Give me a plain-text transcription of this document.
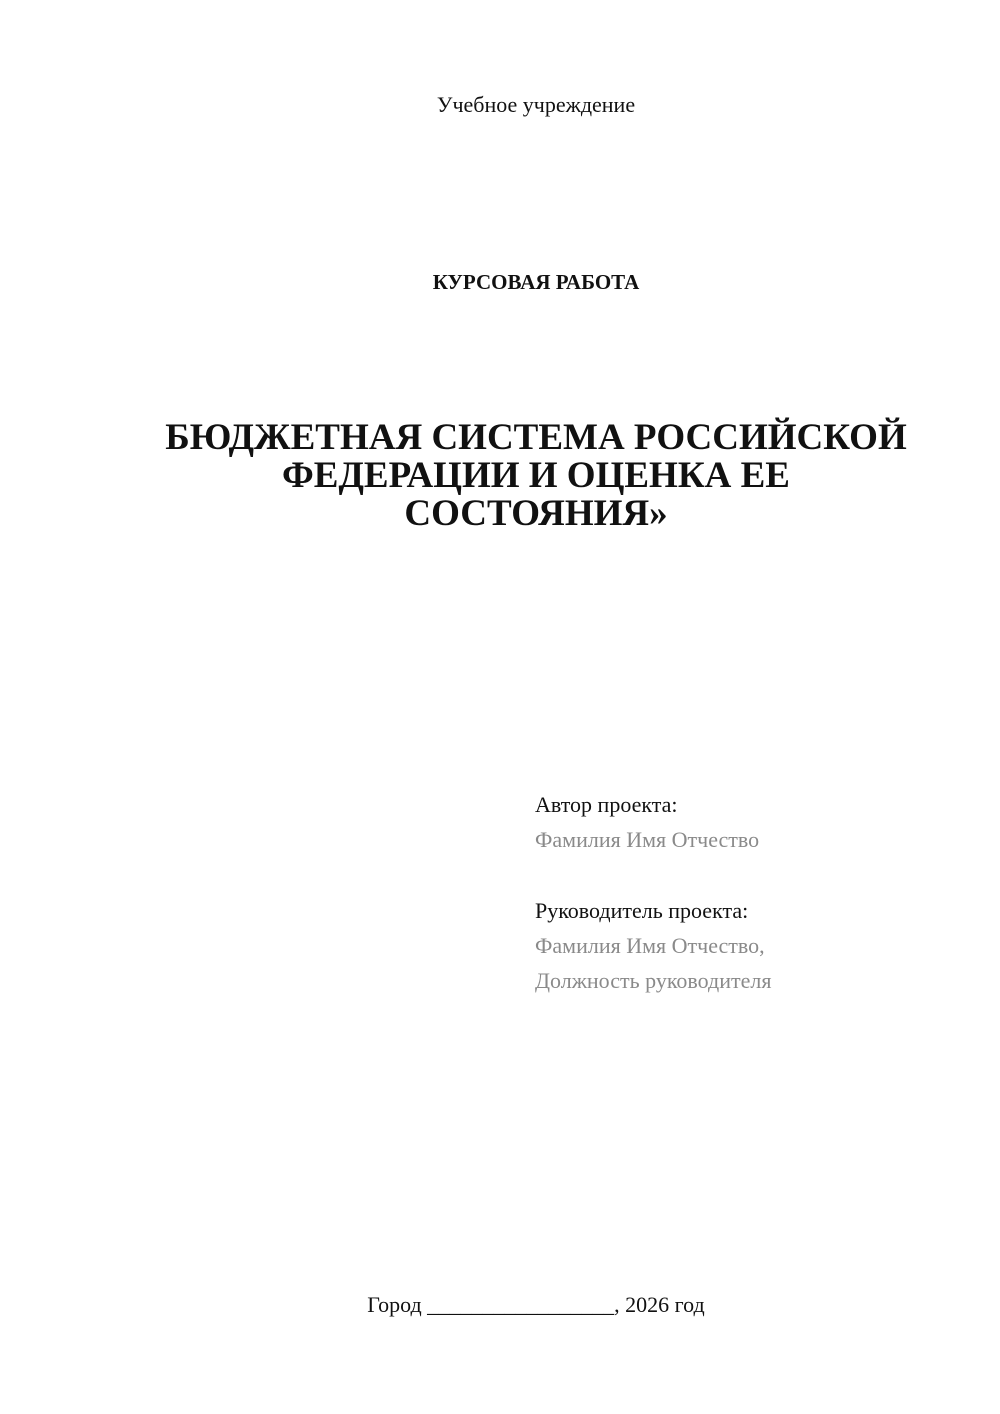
Учебное учреждение
КУРСОВАЯ РАБОТА
БЮДЖЕТНАЯ СИСТЕМА РОССИЙСКОЙ
ФЕДЕРАЦИИ И ОЦЕНКА ЕЕ
СОСТОЯНИЯ»
Автор проекта:
Фамилия Имя Отчество
Руководитель проекта:
Фамилия Имя Отчество,
Должность руководителя
Город _________________, 2026 год
